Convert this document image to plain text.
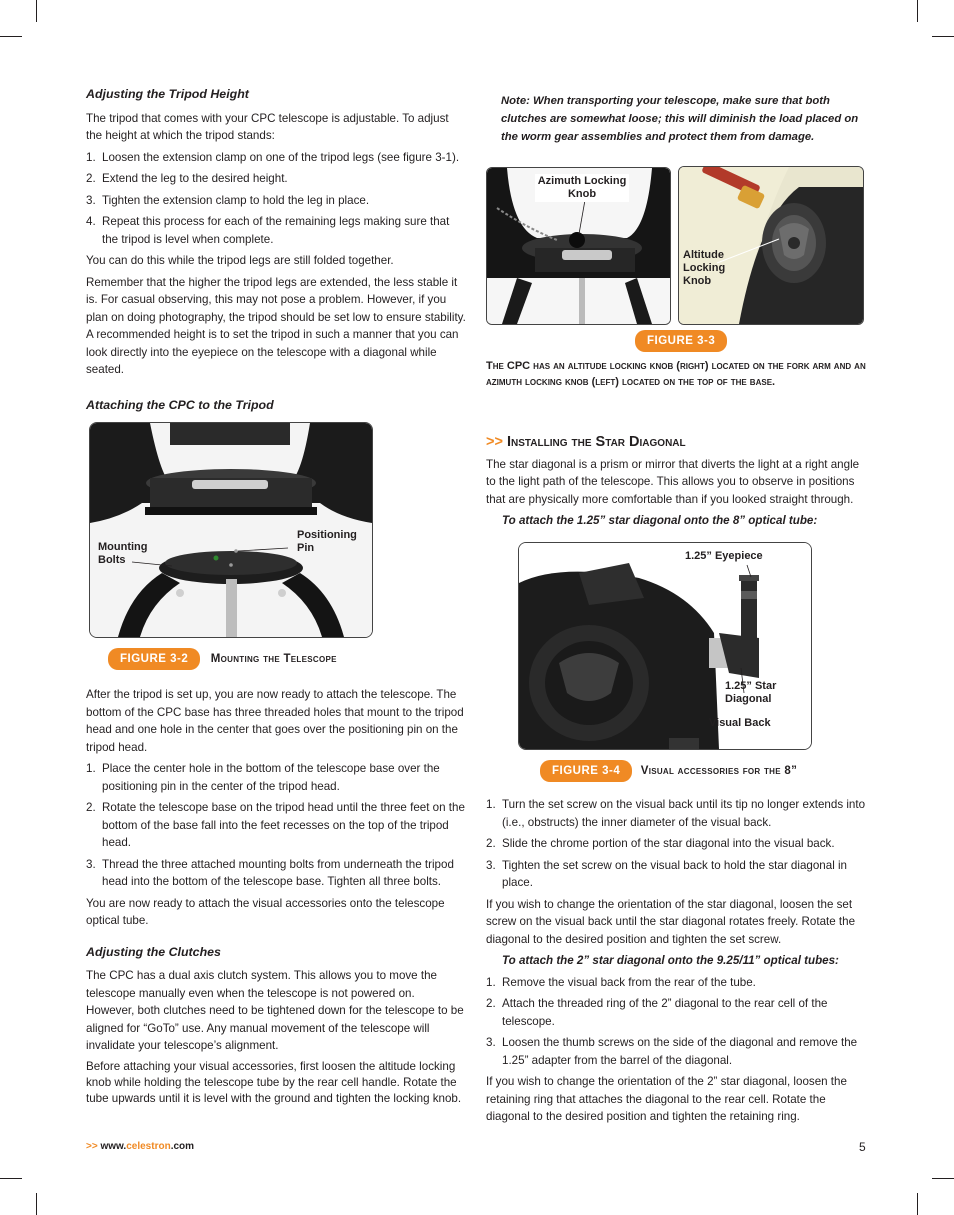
Adjusting the Tripod Height

The tripod that comes with your CPC telescope is adjustable. To adjust the height at which the tripod stands:

1. Loosen the extension clamp on one of the tripod legs (see figure 3-1).
2. Extend the leg to the desired height.
3. Tighten the extension clamp to hold the leg in place.
4. Repeat this process for each of the remaining legs making sure that the tripod is level when complete.

You can do this while the tripod legs are still folded together.

Remember that the higher the tripod legs are extended, the less stable it is. For casual observing, this may not pose a problem. However, if you plan on doing photography, the tripod should be set low to ensure stability. A recommended height is to set the tripod in such a manner that you can look directly into the eyepiece on the telescope with a diagonal while seated.

Attaching the CPC to the Tripod
Mounting Bolts
Positioning Pin
FIGURE 3-2 Mounting the Telescope

After the tripod is set up, you are now ready to attach the telescope. The bottom of the CPC base has three threaded holes that mount to the tripod head and one hole in the center that goes over the positioning pin on the tripod head.

1. Place the center hole in the bottom of the telescope base over the positioning pin in the center of the tripod head.
2. Rotate the telescope base on the tripod head until the three feet on the bottom of the base fall into the feet recesses on the top of the tripod head.
3. Thread the three attached mounting bolts from underneath the tripod head into the bottom of the telescope base. Tighten all three bolts.

You are now ready to attach the visual accessories onto the telescope optical tube.

Adjusting the Clutches

The CPC has a dual axis clutch system. This allows you to move the telescope manually even when the telescope is not powered on. However, both clutches need to be tightened down for the telescope to be aligned for “GoTo” use. Any manual movement of the telescope will invalidate your telescope’s alignment.

Before attaching your visual accessories, first loosen the altitude locking knob while holding the telescope tube by the rear cell handle. Rotate the tube upwards until it is level with the ground and tighten the locking knob.

Note: When transporting your telescope, make sure that both clutches are somewhat loose; this will diminish the load placed on the worm gear assemblies and protect them from damage.

Azimuth Locking Knob
Altitude Locking Knob
FIGURE 3-3
The CPC has an altitude locking knob (right) located on the fork arm and an azimuth locking knob (left) located on the top of the base.
>> Installing the Star Diagonal

The star diagonal is a prism or mirror that diverts the light at a right angle to the light path of the telescope. This allows you to observe in positions that are physically more comfortable than if you looked straight through.

To attach the 1.25” star diagonal onto the 8” optical tube:

1.25” Eyepiece
1.25” Star Diagonal
Visual Back
FIGURE 3-4 Visual accessories for the 8”
1. Turn the set screw on the visual back until its tip no longer extends into (i.e., obstructs) the inner diameter of the visual back.
2. Slide the chrome portion of the star diagonal into the visual back.
3. Tighten the set screw on the visual back to hold the star diagonal in place.

If you wish to change the orientation of the star diagonal, loosen the set screw on the visual back until the star diagonal rotates freely. Rotate the diagonal to the desired position and tighten the set screw.

To attach the 2” star diagonal onto the 9.25/11” optical tubes:

1. Remove the visual back from the rear of the tube.
2. Attach the threaded ring of the 2” diagonal to the rear cell of the telescope.
3. Loosen the thumb screws on the side of the diagonal and remove the 1.25” adapter from the barrel of the diagonal.

If you wish to change the orientation of the 2” star diagonal, loosen the retaining ring that attaches the diagonal to the rear cell. Rotate the diagonal to the desired position and tighten the retaining ring.

>> www.celestron.com	5
